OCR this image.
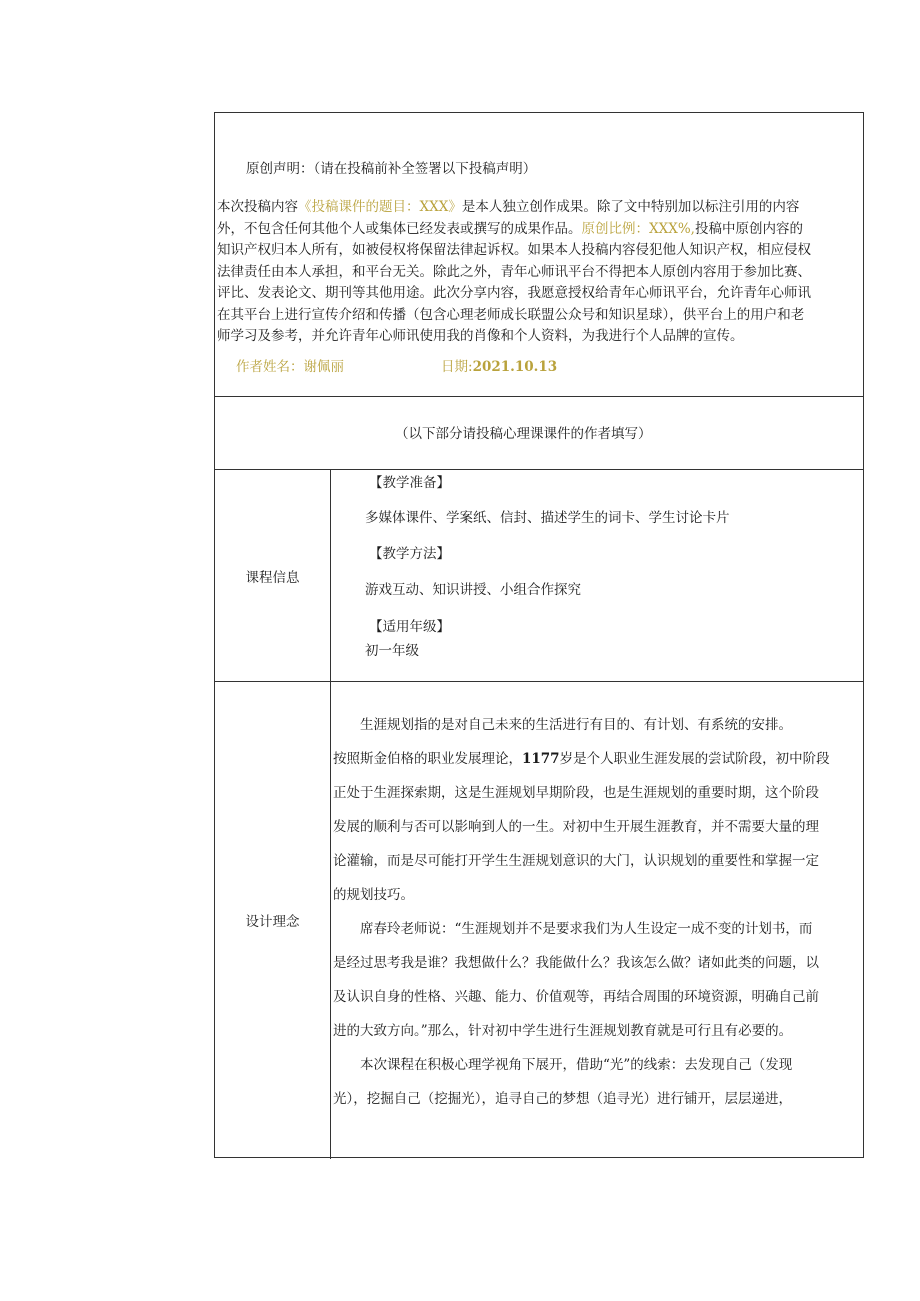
原创声明：（请在投稿前补全签署以下投稿声明）
本次投稿内容《投稿课件的题目：XXX》是本人独立创作成果。除了文中特别加以标注引用的内容
外，不包含任何其他个人或集体已经发表或撰写的成果作品。原创比例：XXX%,投稿中原创内容的
知识产权归本人所有，如被侵权将保留法律起诉权。如果本人投稿内容侵犯他人知识产权，相应侵权
法律责任由本人承担，和平台无关。除此之外，青年心师讯平台不得把本人原创内容用于参加比赛、
评比、发表论文、期刊等其他用途。此次分享内容，我愿意授权给青年心师讯平台，允许青年心师讯
在其平台上进行宣传介绍和传播（包含心理老师成长联盟公众号和知识星球），供平台上的用户和老
师学习及参考，并允许青年心师讯使用我的肖像和个人资料，为我进行个人品牌的宣传。
作者姓名：谢佩丽	日期:2021.10.13
（以下部分请投稿心理课课件的作者填写）
课程信息
【教学准备】
多媒体课件、学案纸、信封、描述学生的词卡、学生讨论卡片
【教学方法】
游戏互动、知识讲授、小组合作探究
【适用年级】
初一年级
设计理念
　　生涯规划指的是对自己未来的生活进行有目的、有计划、有系统的安排。
按照斯金伯格的职业发展理论，1177岁是个人职业生涯发展的尝试阶段，初中阶段
正处于生涯探索期，这是生涯规划早期阶段，也是生涯规划的重要时期，这个阶段
发展的顺利与否可以影响到人的一生。对初中生开展生涯教育，并不需要大量的理
论灌输，而是尽可能打开学生生涯规划意识的大门，认识规划的重要性和掌握一定
的规划技巧。
　　席春玲老师说：“生涯规划并不是要求我们为人生设定一成不变的计划书，而
是经过思考我是谁？我想做什么？我能做什么？我该怎么做？诸如此类的问题，以
及认识自身的性格、兴趣、能力、价值观等，再结合周围的环境资源，明确自己前
进的大致方向。”那么，针对初中学生进行生涯规划教育就是可行且有必要的。
　　本次课程在积极心理学视角下展开，借助“光”的线索：去发现自己（发现
光），挖掘自己（挖掘光），追寻自己的梦想（追寻光）进行铺开，层层递进，
